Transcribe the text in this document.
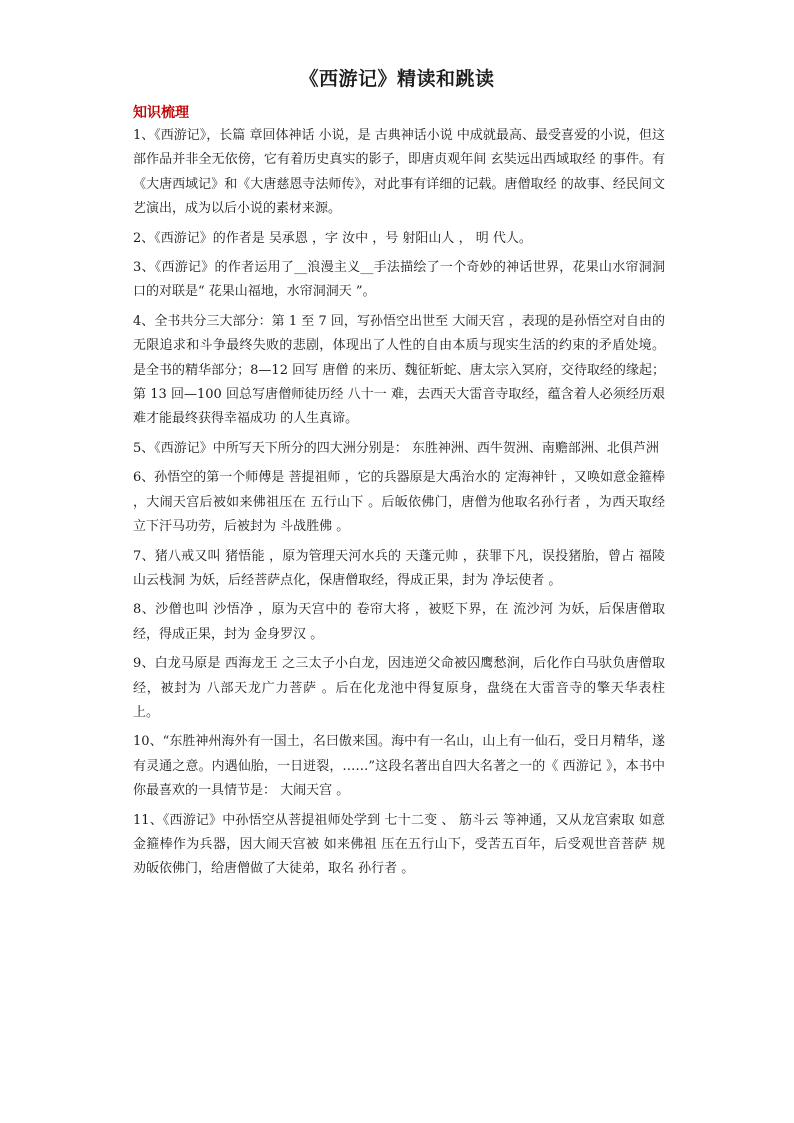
《西游记》精读和跳读
知识梳理

1、《西游记》，长篇 章回体神话 小说，是 古典神话小说 中成就最高、最受喜爱的小说，但这部作品并非全无依傍，它有着历史真实的影子，即唐贞观年间 玄奘远出西域取经 的事件。有《大唐西域记》和《大唐慈恩寺法师传》，对此事有详细的记载。唐僧取经 的故事、经民间文艺演出，成为以后小说的素材来源。

2、《西游记》的作者是 吴承恩 ，字 汝中 ，号 射阳山人 ， 明 代人。

3、《西游记》的作者运用了__浪漫主义__手法描绘了一个奇妙的神话世界，花果山水帘洞洞口的对联是“ 花果山福地，水帘洞洞天 ”。

4、全书共分三大部分：第 1 至 7 回，写孙悟空出世至 大闹天宫 ，表现的是孙悟空对自由的无限追求和斗争最终失败的悲剧，体现出了人性的自由本质与现实生活的约束的矛盾处境。是全书的精华部分；8—12 回写 唐僧 的来历、魏征斩蛇、唐太宗入冥府，交待取经的缘起；第 13 回—100 回总写唐僧师徒历经 八十一 难，去西天大雷音寺取经，蕴含着人必须经历艰难才能最终获得幸福成功 的人生真谛。

5、《西游记》中所写天下所分的四大洲分别是： 东胜神洲、西牛贺洲、南赡部洲、北俱芦洲

6、孙悟空的第一个师傅是 菩提祖师 ，它的兵器原是大禹治水的 定海神针 ，又唤如意金箍棒 ，大闹天宫后被如来佛祖压在 五行山下 。后皈依佛门，唐僧为他取名孙行者 ，为西天取经立下汗马功劳，后被封为 斗战胜佛 。

7、猪八戒又叫 猪悟能 ，原为管理天河水兵的 天蓬元帅 ，获罪下凡，误投猪胎，曾占 福陵山云栈洞 为妖，后经菩萨点化，保唐僧取经，得成正果，封为 净坛使者 。

8、沙僧也叫 沙悟净 ，原为天宫中的 卷帘大将 ，被贬下界，在 流沙河 为妖，后保唐僧取经，得成正果，封为 金身罗汉 。

9、白龙马原是 西海龙王 之三太子小白龙，因违逆父命被囚鹰愁涧，后化作白马驮负唐僧取经，被封为 八部天龙广力菩萨 。后在化龙池中得复原身，盘绕在大雷音寺的擎天华表柱 上。

10、“东胜神州海外有一国土，名曰傲来国。海中有一名山，山上有一仙石，受日月精华，遂有灵通之意。内遇仙胎，一日迸裂，……”这段名著出自四大名著之一的《 西游记 》，本书中你最喜欢的一具情节是： 大闹天宫 。

11、《西游记》中孙悟空从菩提祖师处学到 七十二变 、 筋斗云 等神通，又从龙宫索取 如意金箍棒作为兵器，因大闹天宫被 如来佛祖 压在五行山下，受苦五百年，后受观世音菩萨 规劝皈依佛门，给唐僧做了大徒弟，取名 孙行者 。
